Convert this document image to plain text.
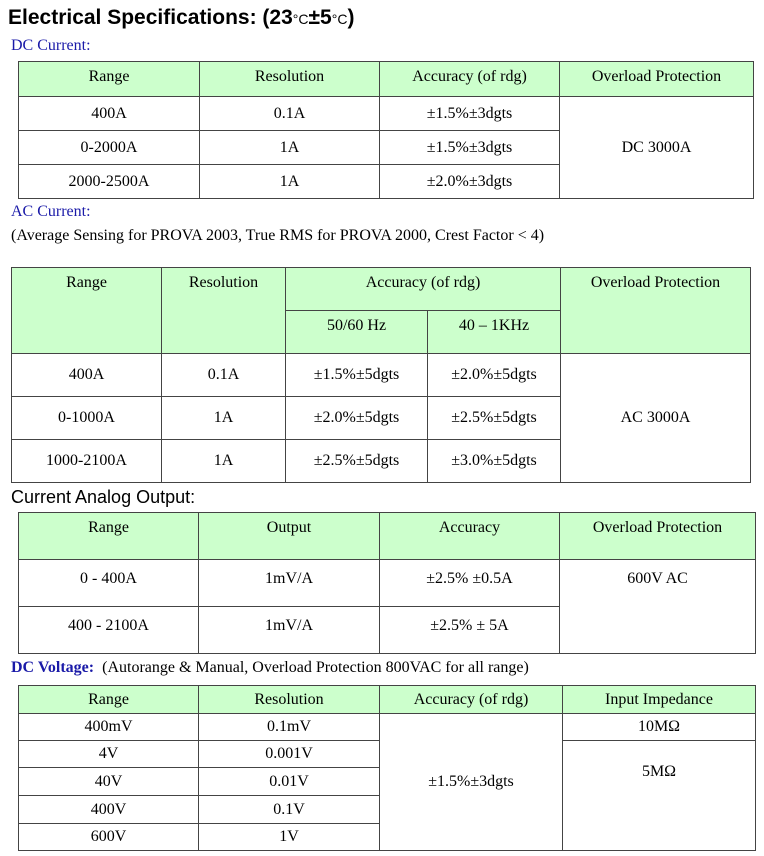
Electrical Specifications: (23°C±5°C)
DC Current:
Range	Resolution	Accuracy (of rdg)	Overload Protection
400A	0.1A	±1.5%±3dgts	DC 3000A
0-2000A	1A	±1.5%±3dgts	
2000-2500A	1A	±2.0%±3dgts	
AC Current:
(Average Sensing for PROVA 2003, True RMS for PROVA 2000, Crest Factor < 4)
Range	Resolution	Accuracy (of rdg)		Overload Protection
		50/60 Hz	40 – 1KHz	
400A	0.1A	±1.5%±5dgts	±2.0%±5dgts	AC 3000A
0-1000A	1A	±2.0%±5dgts	±2.5%±5dgts	
1000-2100A	1A	±2.5%±5dgts	±3.0%±5dgts	
Current Analog Output:
Range	Output	Accuracy	Overload Protection
0 - 400A	1mV/A	±2.5% ±0.5A	600V AC
400 - 2100A	1mV/A	±2.5% ± 5A	
DC Voltage: (Autorange & Manual, Overload Protection 800VAC for all range)
Range	Resolution	Accuracy (of rdg)	Input Impedance
400mV	0.1mV	±1.5%±3dgts	10MΩ
4V	0.001V		5MΩ
40V	0.01V		
400V	0.1V		
600V	1V		
